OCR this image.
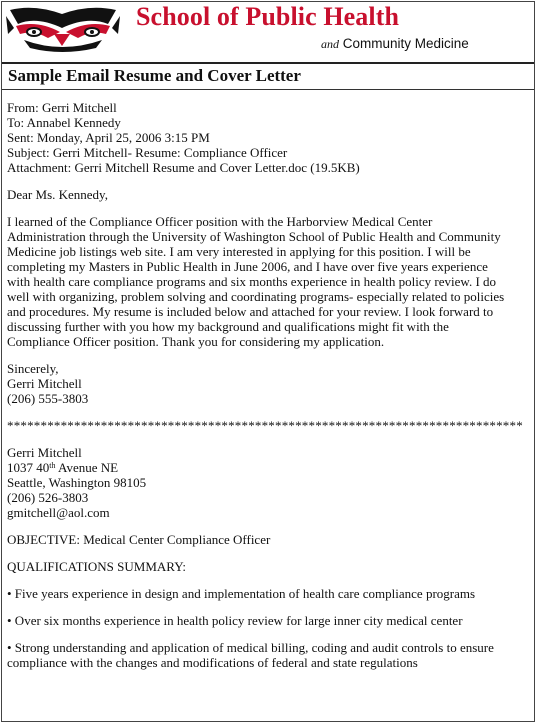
School of Public Health
and Community Medicine
Sample Email Resume and Cover Letter
From: Gerri Mitchell
To: Annabel Kennedy
Sent: Monday, April 25, 2006 3:15 PM
Subject: Gerri Mitchell- Resume: Compliance Officer
Attachment: Gerri Mitchell Resume and Cover Letter.doc (19.5KB)
Dear Ms. Kennedy,
I learned of the Compliance Officer position with the Harborview Medical Center
Administration through the University of Washington School of Public Health and Community
Medicine job listings web site. I am very interested in applying for this position. I will be
completing my Masters in Public Health in June 2006, and I have over five years experience
with health care compliance programs and six months experience in health policy review. I do
well with organizing, problem solving and coordinating programs- especially related to policies
and procedures. My resume is included below and attached for your review. I look forward to
discussing further with you how my background and qualifications might fit with the
Compliance Officer position. Thank you for considering my application.
Sincerely,
Gerri Mitchell
(206) 555-3803
*****************************************************************************
Gerri Mitchell
1037 40th Avenue NE
Seattle, Washington 98105
(206) 526-3803
gmitchell@aol.com
OBJECTIVE: Medical Center Compliance Officer
QUALIFICATIONS SUMMARY:
• Five years experience in design and implementation of health care compliance programs
• Over six months experience in health policy review for large inner city medical center
• Strong understanding and application of medical billing, coding and audit controls to ensure
compliance with the changes and modifications of federal and state regulations
